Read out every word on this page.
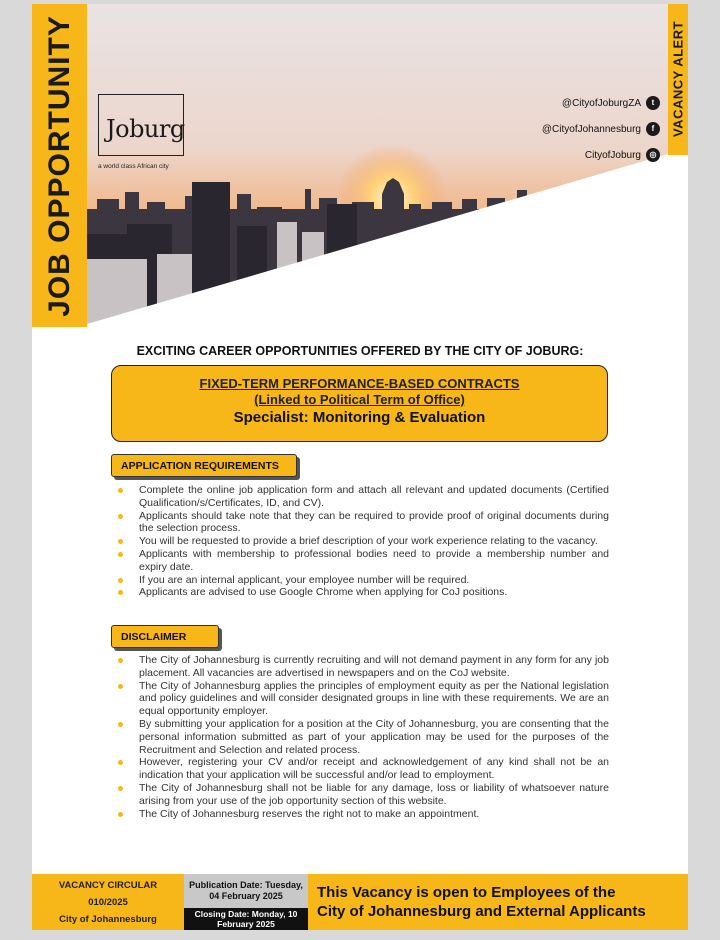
JOB OPPORTUNITY	VACANCY ALERT
Joburg
a world class African city
@CityofJoburgZA	t
@CityofJohannesburg	f
CityofJoburg	◎
EXCITING CAREER OPPORTUNITIES OFFERED BY THE CITY OF JOBURG:
FIXED-TERM PERFORMANCE-BASED CONTRACTS
(Linked to Political Term of Office)
Specialist: Monitoring & Evaluation
APPLICATION REQUIREMENTS
Complete the online job application form and attach all relevant and updated documents (Certified Qualification/s/Certificates, ID, and CV).
Applicants should take note that they can be required to provide proof of original documents during the selection process.
You will be requested to provide a brief description of your work experience relating to the vacancy.
Applicants with membership to professional bodies need to provide a membership number and expiry date.
If you are an internal applicant, your employee number will be required.
Applicants are advised to use Google Chrome when applying for CoJ positions.
DISCLAIMER
The City of Johannesburg is currently recruiting and will not demand payment in any form for any job placement. All vacancies are advertised in newspapers and on the CoJ website.
The City of Johannesburg applies the principles of employment equity as per the National legislation and policy guidelines and will consider designated groups in line with these requirements. We are an equal opportunity employer.
By submitting your application for a position at the City of Johannesburg, you are consenting that the personal information submitted as part of your application may be used for the purposes of the Recruitment and Selection and related process.
However, registering your CV and/or receipt and acknowledgement of any kind shall not be an indication that your application will be successful and/or lead to employment.
The City of Johannesburg shall not be liable for any damage, loss or liability of whatsoever nature arising from your use of the job opportunity section of this website.
The City of Johannesburg reserves the right not to make an appointment.
VACANCY CIRCULAR
010/2025
City of Johannesburg
Publication Date: Tuesday, 04 February 2025
Closing Date: Monday, 10 February 2025
This Vacancy is open to Employees of the
City of Johannesburg and External Applicants
